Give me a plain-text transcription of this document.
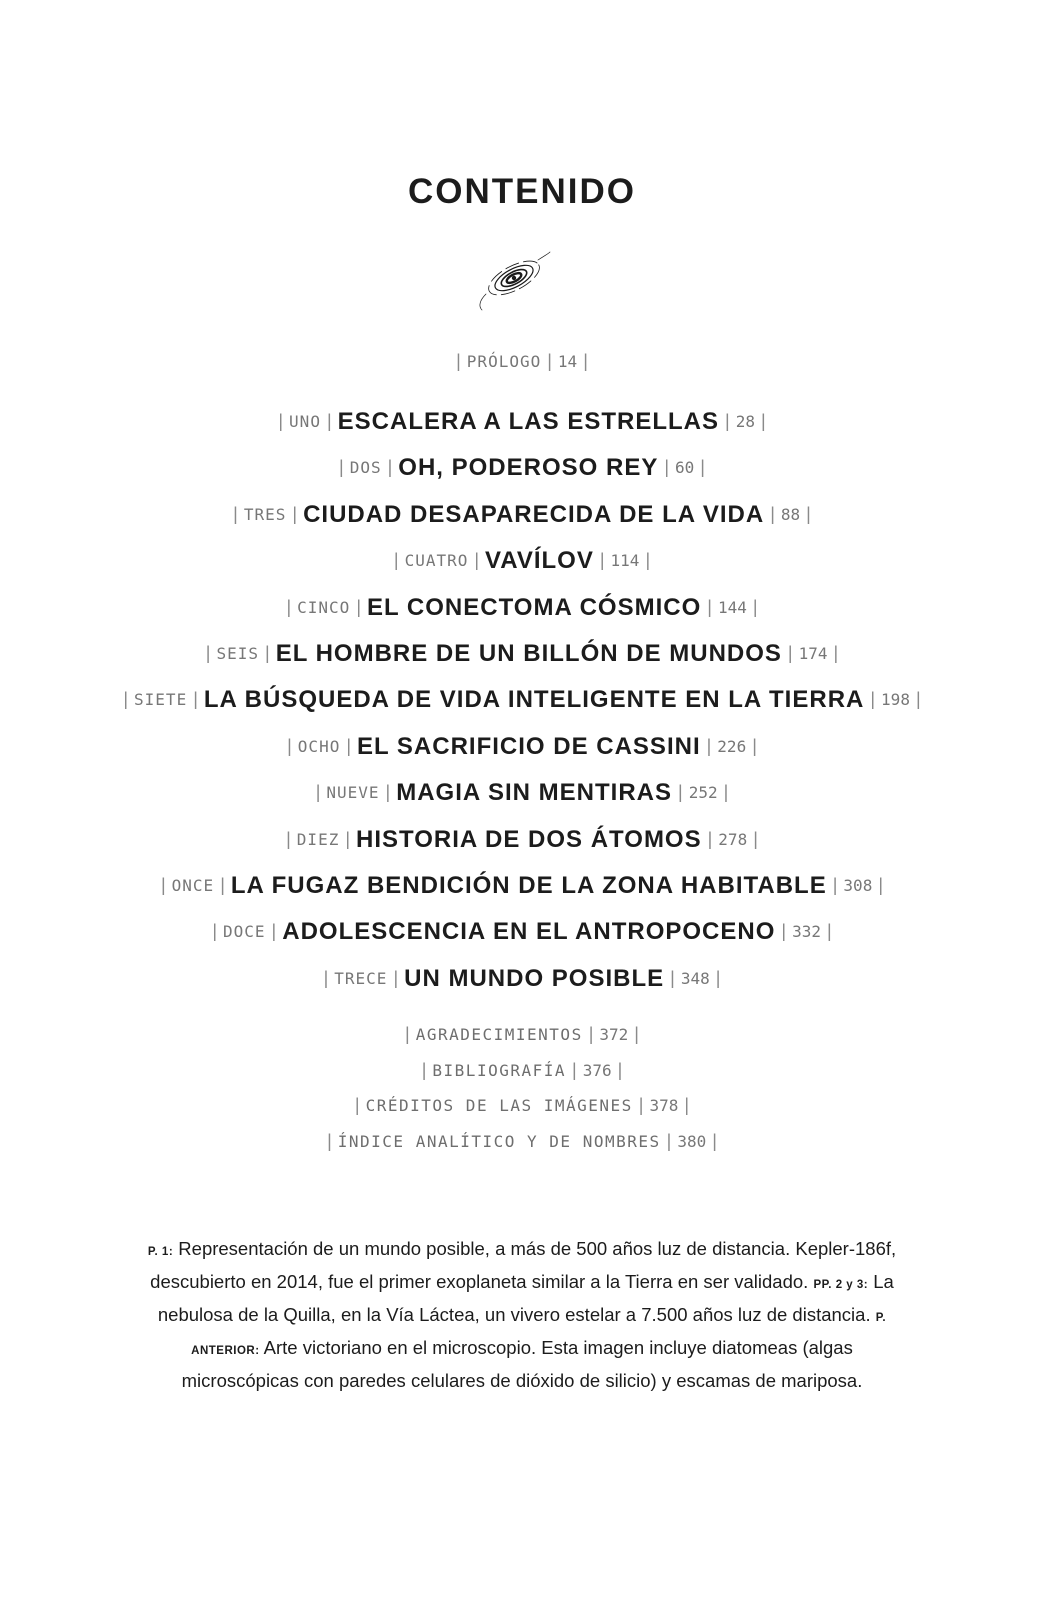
CONTENIDO
| PRÓLOGO | 14 |
| UNO | ESCALERA A LAS ESTRELLAS | 28 |
| DOS | OH, PODEROSO REY | 60 |
| TRES | CIUDAD DESAPARECIDA DE LA VIDA | 88 |
| CUATRO | VAVÍLOV | 114 |
| CINCO | EL CONECTOMA CÓSMICO | 144 |
| SEIS | EL HOMBRE DE UN BILLÓN DE MUNDOS | 174 |
| SIETE | LA BÚSQUEDA DE VIDA INTELIGENTE EN LA TIERRA | 198 |
| OCHO | EL SACRIFICIO DE CASSINI | 226 |
| NUEVE | MAGIA SIN MENTIRAS | 252 |
| DIEZ | HISTORIA DE DOS ÁTOMOS | 278 |
| ONCE | LA FUGAZ BENDICIÓN DE LA ZONA HABITABLE | 308 |
| DOCE | ADOLESCENCIA EN EL ANTROPOCENO | 332 |
| TRECE | UN MUNDO POSIBLE | 348 |
| AGRADECIMIENTOS | 372 |
| BIBLIOGRAFÍA | 376 |
| CRÉDITOS DE LAS IMÁGENES | 378 |
| ÍNDICE ANALÍTICO Y DE NOMBRES | 380 |
P. 1: Representación de un mundo posible, a más de 500 años luz de distancia. Kepler-186f, descubierto en 2014, fue el primer exoplaneta similar a la Tierra en ser validado. PP. 2 y 3: La nebulosa de la Quilla, en la Vía Láctea, un vivero estelar a 7.500 años luz de distancia. P. ANTERIOR: Arte victoriano en el microscopio. Esta imagen incluye diatomeas (algas microscópicas con paredes celulares de dióxido de silicio) y escamas de mariposa.
